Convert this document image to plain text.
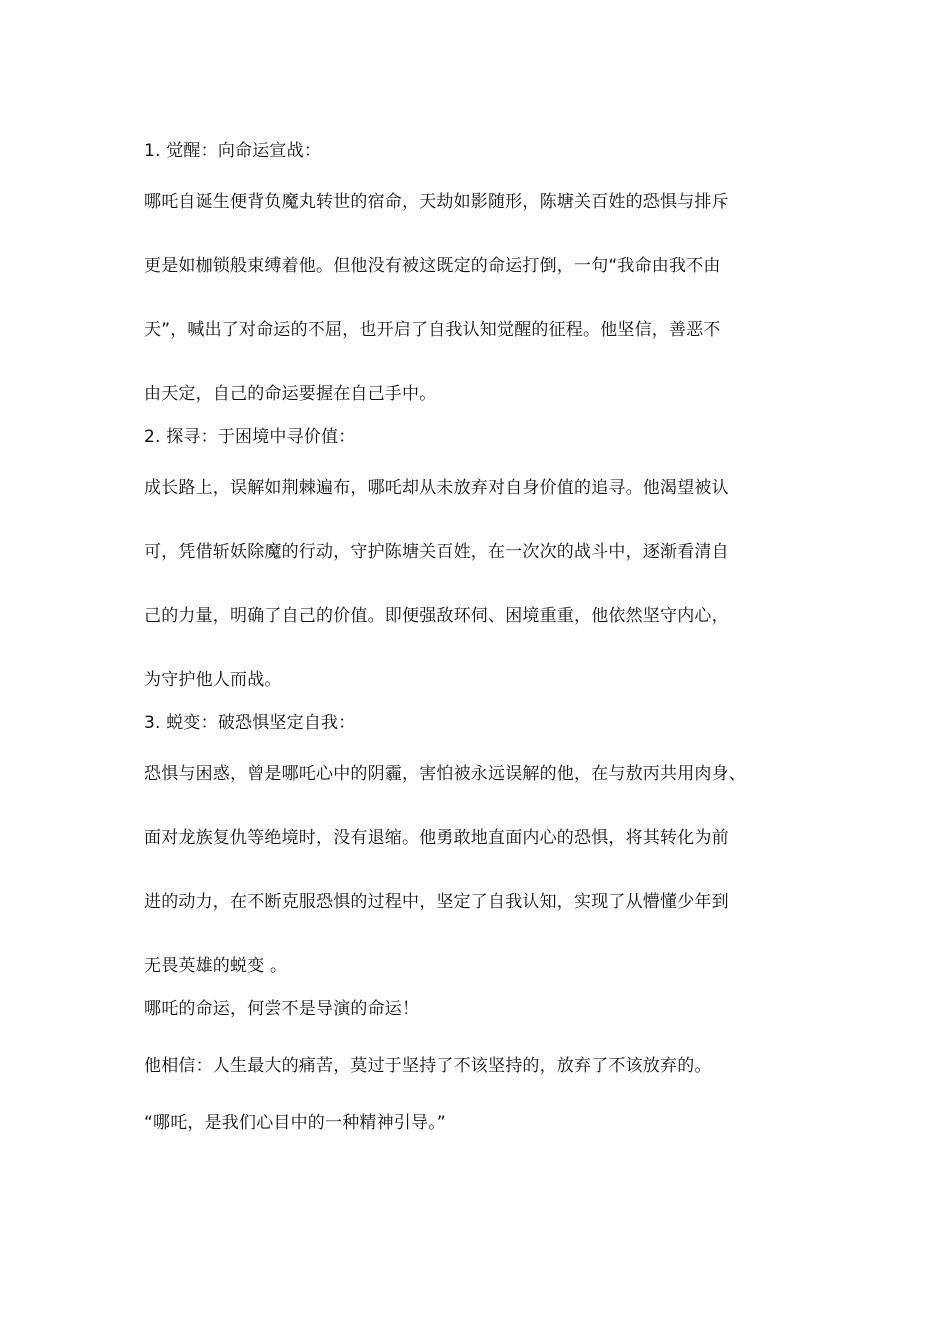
1. 觉醒：向命运宣战：
哪吒自诞生便背负魔丸转世的宿命，天劫如影随形，陈塘关百姓的恐惧与排斥
更是如枷锁般束缚着他。但他没有被这既定的命运打倒，一句“我命由我不由
天”，喊出了对命运的不屈，也开启了自我认知觉醒的征程。他坚信，善恶不
由天定，自己的命运要握在自己手中。
2. 探寻：于困境中寻价值：
成长路上，误解如荆棘遍布，哪吒却从未放弃对自身价值的追寻。他渴望被认
可，凭借斩妖除魔的行动，守护陈塘关百姓，在一次次的战斗中，逐渐看清自
己的力量，明确了自己的价值。即便强敌环伺、困境重重，他依然坚守内心，
为守护他人而战。
3. 蜕变：破恐惧坚定自我：
恐惧与困惑，曾是哪吒心中的阴霾，害怕被永远误解的他，在与敖丙共用肉身、
面对龙族复仇等绝境时，没有退缩。他勇敢地直面内心的恐惧，将其转化为前
进的动力，在不断克服恐惧的过程中，坚定了自我认知，实现了从懵懂少年到
无畏英雄的蜕变 。
哪吒的命运，何尝不是导演的命运！
他相信：人生最大的痛苦，莫过于坚持了不该坚持的，放弃了不该放弃的。
“哪吒，是我们心目中的一种精神引导。”
